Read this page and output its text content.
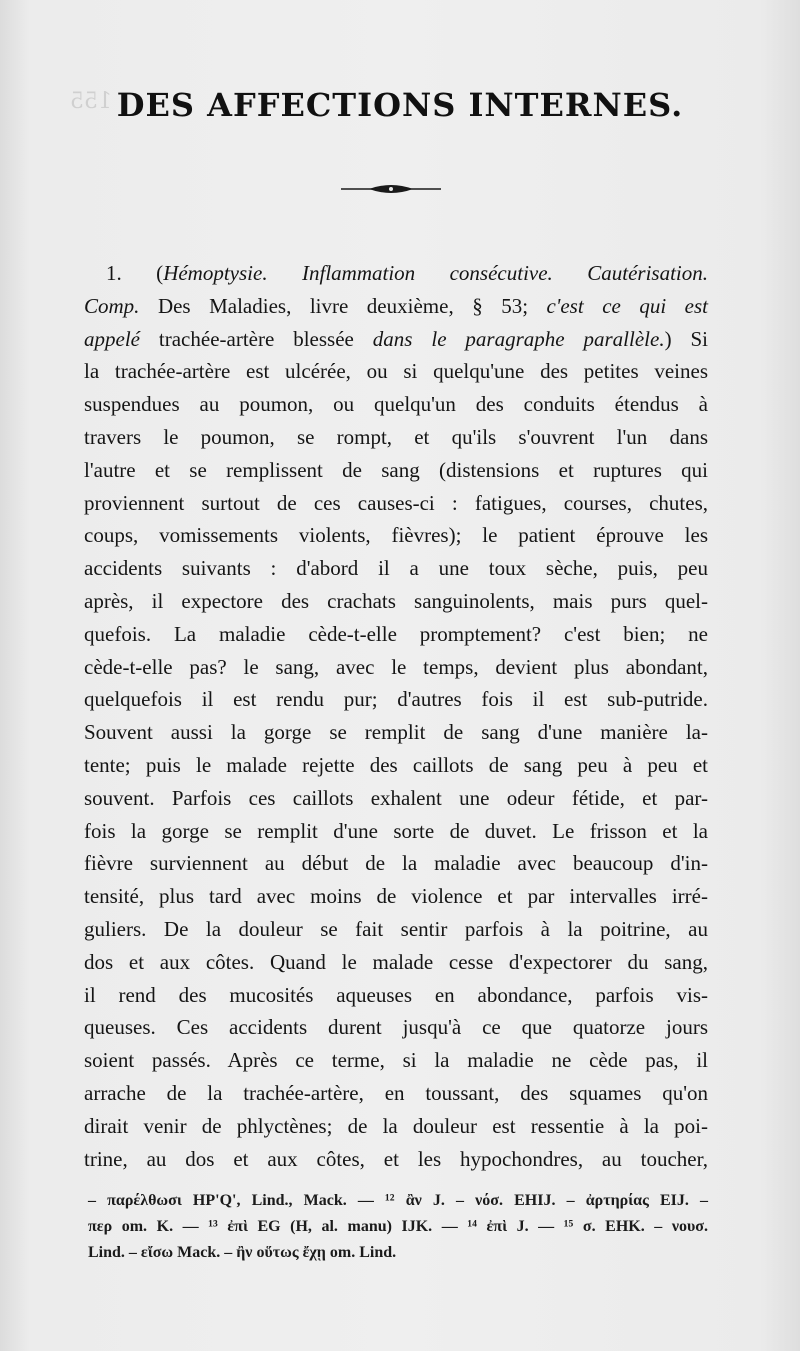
155 DES AFFECTIONS INTERNES.
1. (Hémoptysie. Inflammation consécutive. Cautérisation.
Comp. Des Maladies, livre deuxième, § 53; c'est ce qui est
appelé trachée-artère blessée dans le paragraphe parallèle.) Si
la trachée-artère est ulcérée, ou si quelqu'une des petites veines
suspendues au poumon, ou quelqu'un des conduits étendus à
travers le poumon, se rompt, et qu'ils s'ouvrent l'un dans
l'autre et se remplissent de sang (distensions et ruptures qui
proviennent surtout de ces causes-ci : fatigues, courses, chutes,
coups, vomissements violents, fièvres); le patient éprouve les
accidents suivants : d'abord il a une toux sèche, puis, peu
après, il expectore des crachats sanguinolents, mais purs quel-
quefois. La maladie cède-t-elle promptement? c'est bien; ne
cède-t-elle pas? le sang, avec le temps, devient plus abondant,
quelquefois il est rendu pur; d'autres fois il est sub-putride.
Souvent aussi la gorge se remplit de sang d'une manière la-
tente; puis le malade rejette des caillots de sang peu à peu et
souvent. Parfois ces caillots exhalent une odeur fétide, et par-
fois la gorge se remplit d'une sorte de duvet. Le frisson et la
fièvre surviennent au début de la maladie avec beaucoup d'in-
tensité, plus tard avec moins de violence et par intervalles irré-
guliers. De la douleur se fait sentir parfois à la poitrine, au
dos et aux côtes. Quand le malade cesse d'expectorer du sang,
il rend des mucosités aqueuses en abondance, parfois vis-
queuses. Ces accidents durent jusqu'à ce que quatorze jours
soient passés. Après ce terme, si la maladie ne cède pas, il
arrache de la trachée-artère, en toussant, des squames qu'on
dirait venir de phlyctènes; de la douleur est ressentie à la poi-
trine, au dos et aux côtes, et les hypochondres, au toucher,
– παρέλθωσι HP'Q', Lind., Mack. — ¹² ἂν J. – νόσ. EHIJ. – ἀρτηρίας EIJ. –
περ om. K. — ¹³ ἐπὶ EG (H, al. manu) IJK. — ¹⁴ ἐπὶ J. — ¹⁵ σ. EHK. – νουσ.
Lind. – εἴσω Mack. – ἢν οὕτως ἔχῃ om. Lind.
